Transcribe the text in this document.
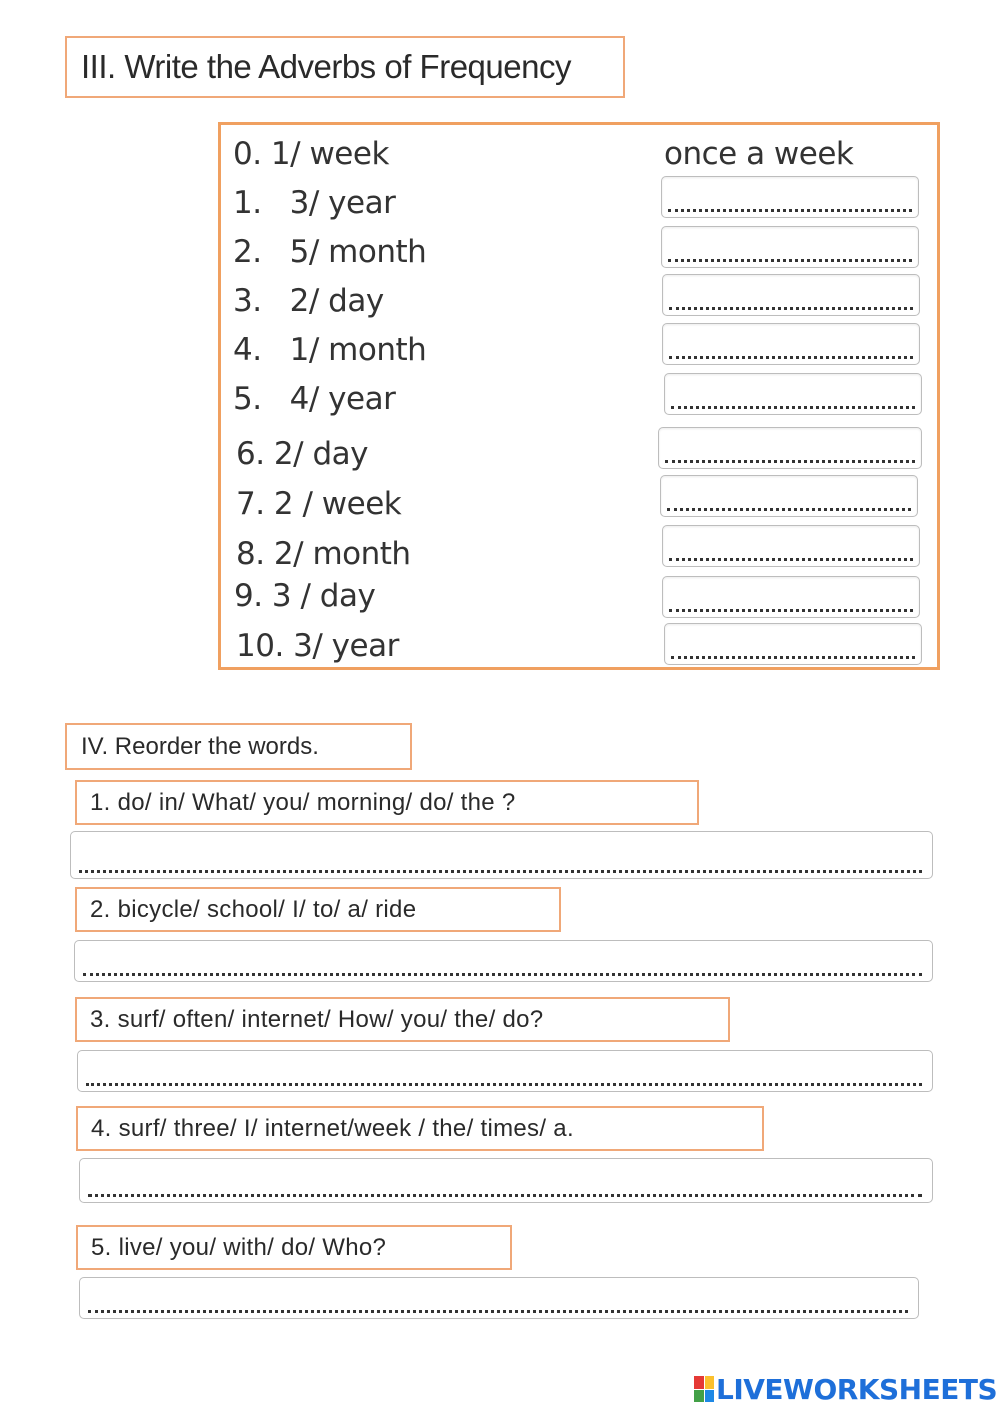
III. Write the Adverbs of Frequency
0. 1/ week	once a week
1.   3/ year
2.   5/ month
3.   2/ day
4.   1/ month
5.   4/ year
6. 2/ day
7. 2 / week
8. 2/ month
9. 3 / day
10. 3/ year
IV. Reorder the words.
1. do/ in/ What/ you/ morning/ do/ the ?
2. bicycle/ school/ I/ to/ a/ ride
3. surf/ often/ internet/ How/ you/ the/ do?
4. surf/ three/ I/ internet/week / the/ times/ a.
5. live/ you/ with/ do/ Who?
LIVEWORKSHEETS
